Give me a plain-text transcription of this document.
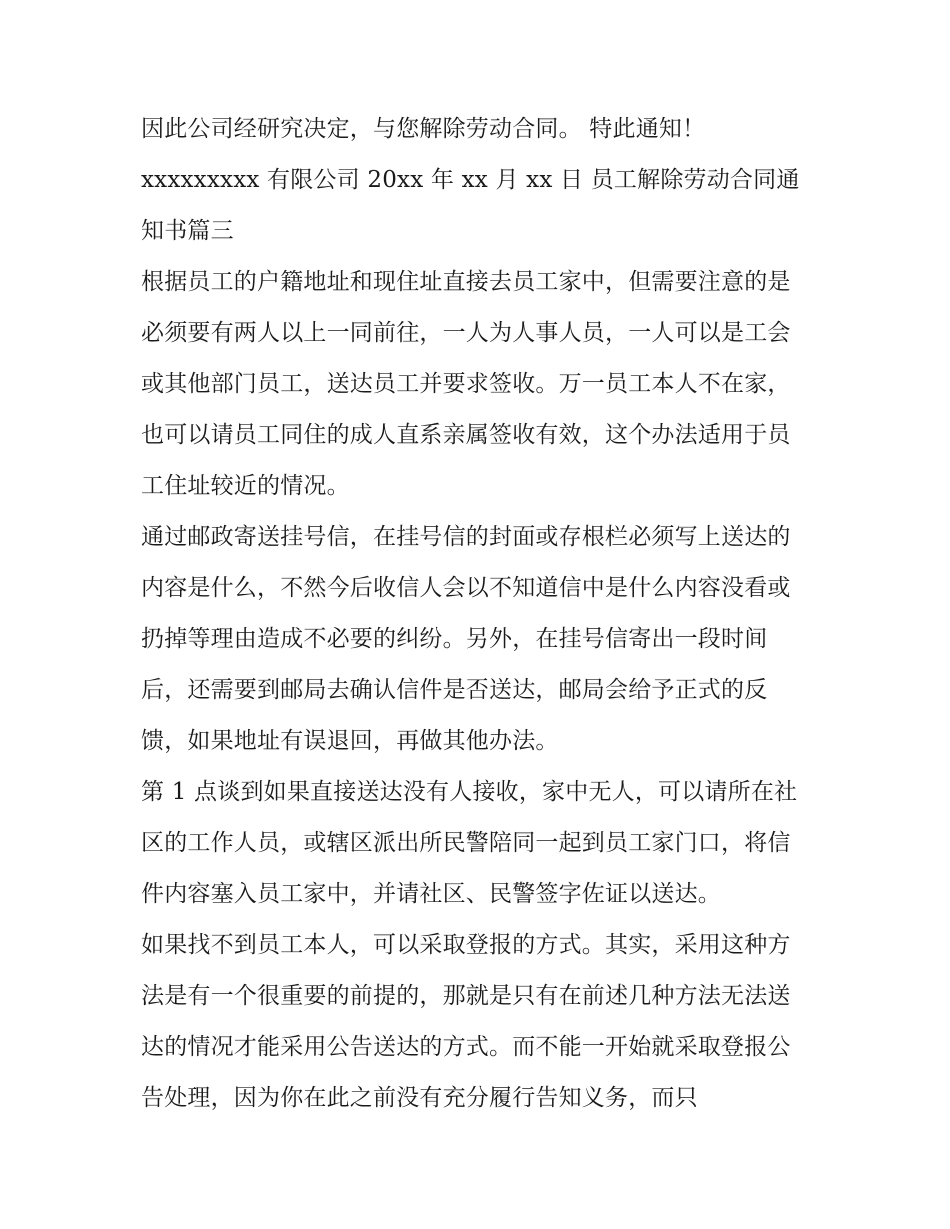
因此公司经研究决定，与您解除劳动合同。 特此通知！

xxxxxxxxx 有限公司 20xx 年 xx 月 xx 日 员工解除劳动合同通知书篇三

根据员工的户籍地址和现住址直接去员工家中，但需要注意的是必须要有两人以上一同前往，一人为人事人员，一人可以是工会或其他部门员工，送达员工并要求签收。万一员工本人不在家，也可以请员工同住的成人直系亲属签收有效，这个办法适用于员工住址较近的情况。

通过邮政寄送挂号信，在挂号信的封面或存根栏必须写上送达的内容是什么，不然今后收信人会以不知道信中是什么内容没看或扔掉等理由造成不必要的纠纷。另外，在挂号信寄出一段时间后，还需要到邮局去确认信件是否送达，邮局会给予正式的反馈，如果地址有误退回，再做其他办法。

第 1 点谈到如果直接送达没有人接收，家中无人，可以请所在社区的工作人员，或辖区派出所民警陪同一起到员工家门口，将信件内容塞入员工家中，并请社区、民警签字佐证以送达。

如果找不到员工本人，可以采取登报的方式。其实，采用这种方法是有一个很重要的前提的，那就是只有在前述几种方法无法送达的情况才能采用公告送达的方式。而不能一开始就采取登报公告处理，因为你在此之前没有充分履行告知义务，而只
